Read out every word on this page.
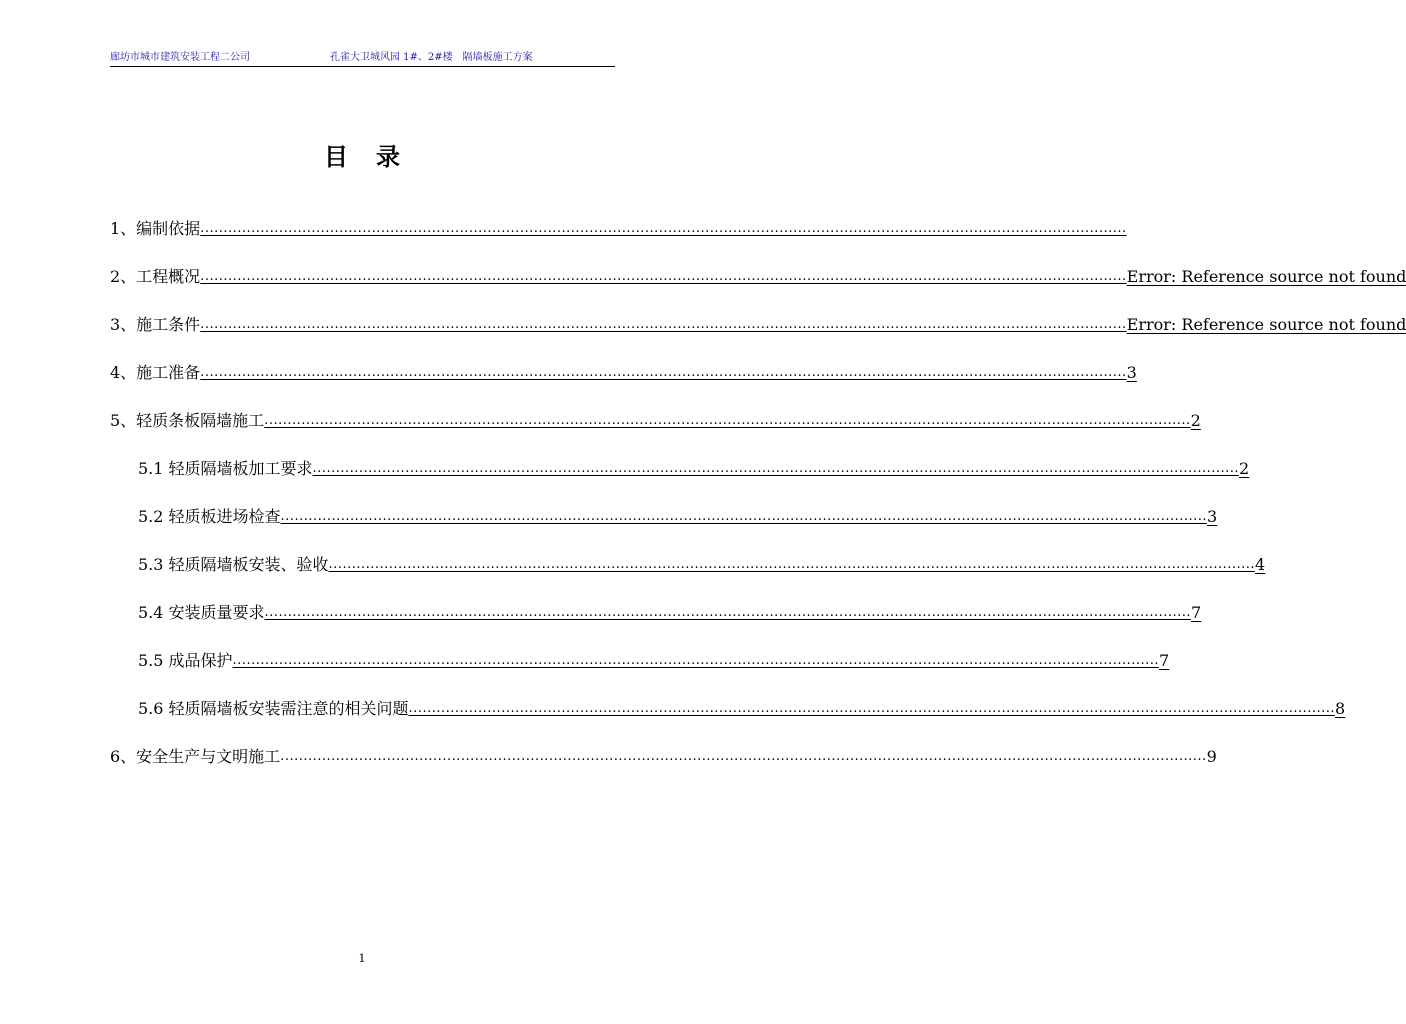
廊坊市城市建筑安装工程二公司	孔雀大卫城风园 1#、2#楼　隔墙板施工方案
目录
1、编制依据 ........................................................................................................................................................................................................
2、工程概况 ........................................................................................................................................................................................................ Error: Reference source not found
3、施工条件 ........................................................................................................................................................................................................ Error: Reference source not found
4、施工准备 ........................................................................................................................................................................................................ 3
5、轻质条板隔墙施工 ........................................................................................................................................................................................................ 2
5.1 轻质隔墙板加工要求 ........................................................................................................................................................................................................ 2
5.2 轻质板进场检查 ........................................................................................................................................................................................................ 3
5.3 轻质隔墙板安装、验收 ........................................................................................................................................................................................................ 4
5.4 安装质量要求 ........................................................................................................................................................................................................ 7
5.5 成品保护 ........................................................................................................................................................................................................ 7
5.6 轻质隔墙板安装需注意的相关问题 ........................................................................................................................................................................................................ 8
6、安全生产与文明施工 ........................................................................................................................................................................................................ 9
1
